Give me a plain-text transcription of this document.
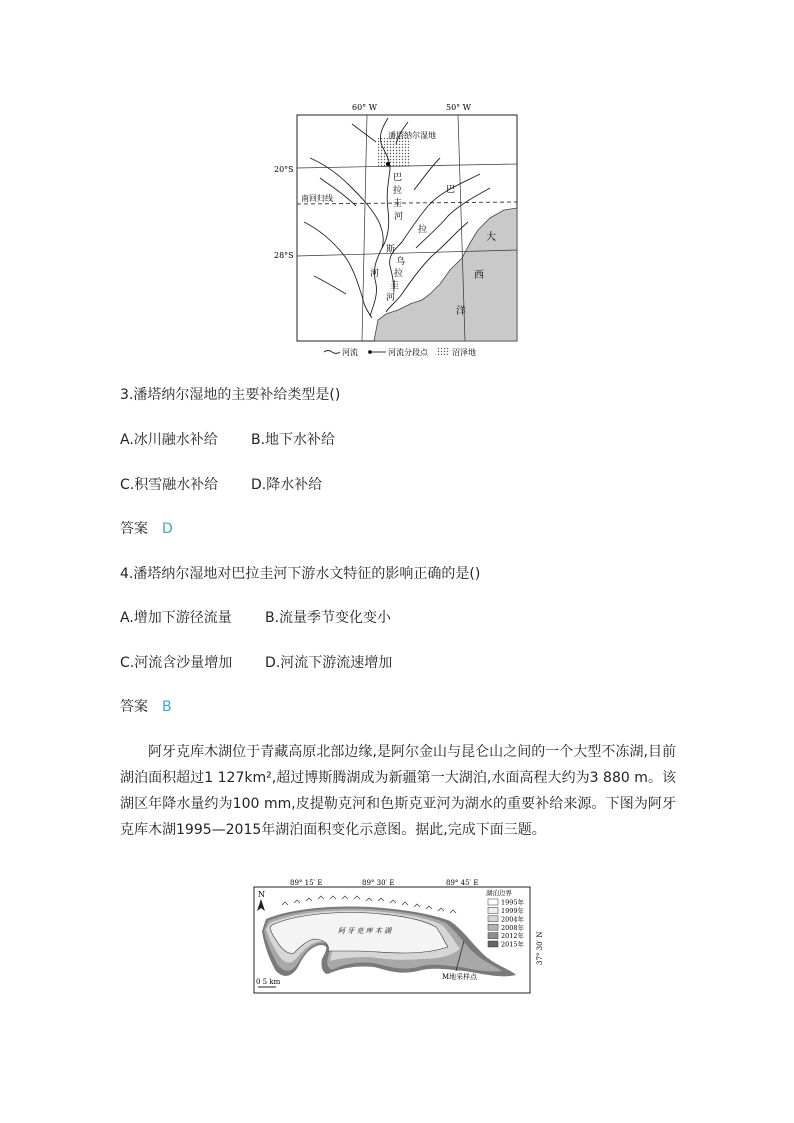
60° W	50° W
20°S
28°S
南回归线
潘塔纳尔湿地
巴
拉
圭
河
巴
拉
斯
乌
拉
圭
河
河
大
西
洋
河流	河流分段点	沼泽地
3.潘塔纳尔湿地的主要补给类型是()
A.冰川融水补给 B.地下水补给
C.积雪融水补给 D.降水补给
答案 D
4.潘塔纳尔湿地对巴拉圭河下游水文特征的影响正确的是()
A.增加下游径流量 B.流量季节变化变小
C.河流含沙量增加 D.河流下游流速增加
答案 B
阿牙克库木湖位于青藏高原北部边缘,是阿尔金山与昆仑山之间的一个大型不冻湖,目前湖泊面积超过1 127km²,超过博斯腾湖成为新疆第一大湖泊,水面高程大约为3 880 m。该湖区年降水量约为100 mm,皮提勒克河和色斯克亚河为湖水的重要补给来源。下图为阿牙克库木湖1995—2015年湖泊面积变化示意图。据此,完成下面三题。
89° 15′ E	89° 30′ E	89° 45′ E
37° 30′ N
N
阿 牙 克 库 木 湖
M地采样点
0 5 km
湖泊边界
1995年
1999年
2004年
2008年
2012年
2015年
